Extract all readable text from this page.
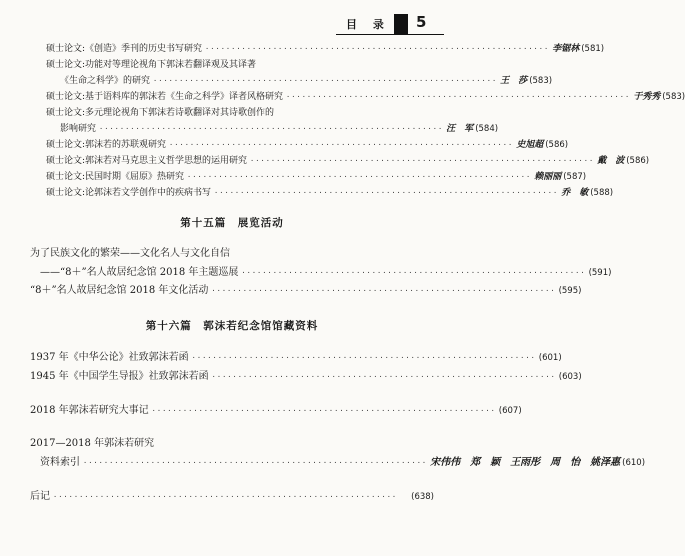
目 录 5
硕士论文:《创造》季刊的历史书写研究 ·································································· 李锯林 (581)
硕士论文:功能对等理论视角下郭沫若翻译观及其译著
《生命之科学》的研究 ·································································· 王　莎 (583)
硕士论文:基于语料库的郭沫若《生命之科学》译者风格研究 ·································································· 于秀秀 (583)
硕士论文:多元理论视角下郭沫若诗歌翻译对其诗歌创作的
影响研究 ·································································· 汪　军 (584)
硕士论文:郭沫若的苏联观研究 ·································································· 史旭超 (586)
硕士论文:郭沫若对马克思主义哲学思想的运用研究 ·································································· 戴　波 (586)
硕士论文:民国时期《屈原》热研究 ·································································· 赖丽丽 (587)
硕士论文:论郭沫若文学创作中的疾病书写 ·································································· 乔　敏 (588)
第十五篇　展览活动
为了民族文化的繁荣——文化名人与文化自信
——“8＋”名人故居纪念馆 2018 年主题巡展 ·································································· (591)
“8＋”名人故居纪念馆 2018 年文化活动 ·································································· (595)
第十六篇　郭沫若纪念馆馆藏资料
1937 年《中华公论》社致郭沫若函 ·································································· (601)
1945 年《中国学生导报》社致郭沫若函 ·································································· (603)
2018 年郭沫若研究大事记 ·································································· (607)
2017—2018 年郭沫若研究
资料索引 ·································································· 宋伟伟　郑　颖　王雨彤　周　怡　姚泽惠 (610)
后记 ··································································	(638)
